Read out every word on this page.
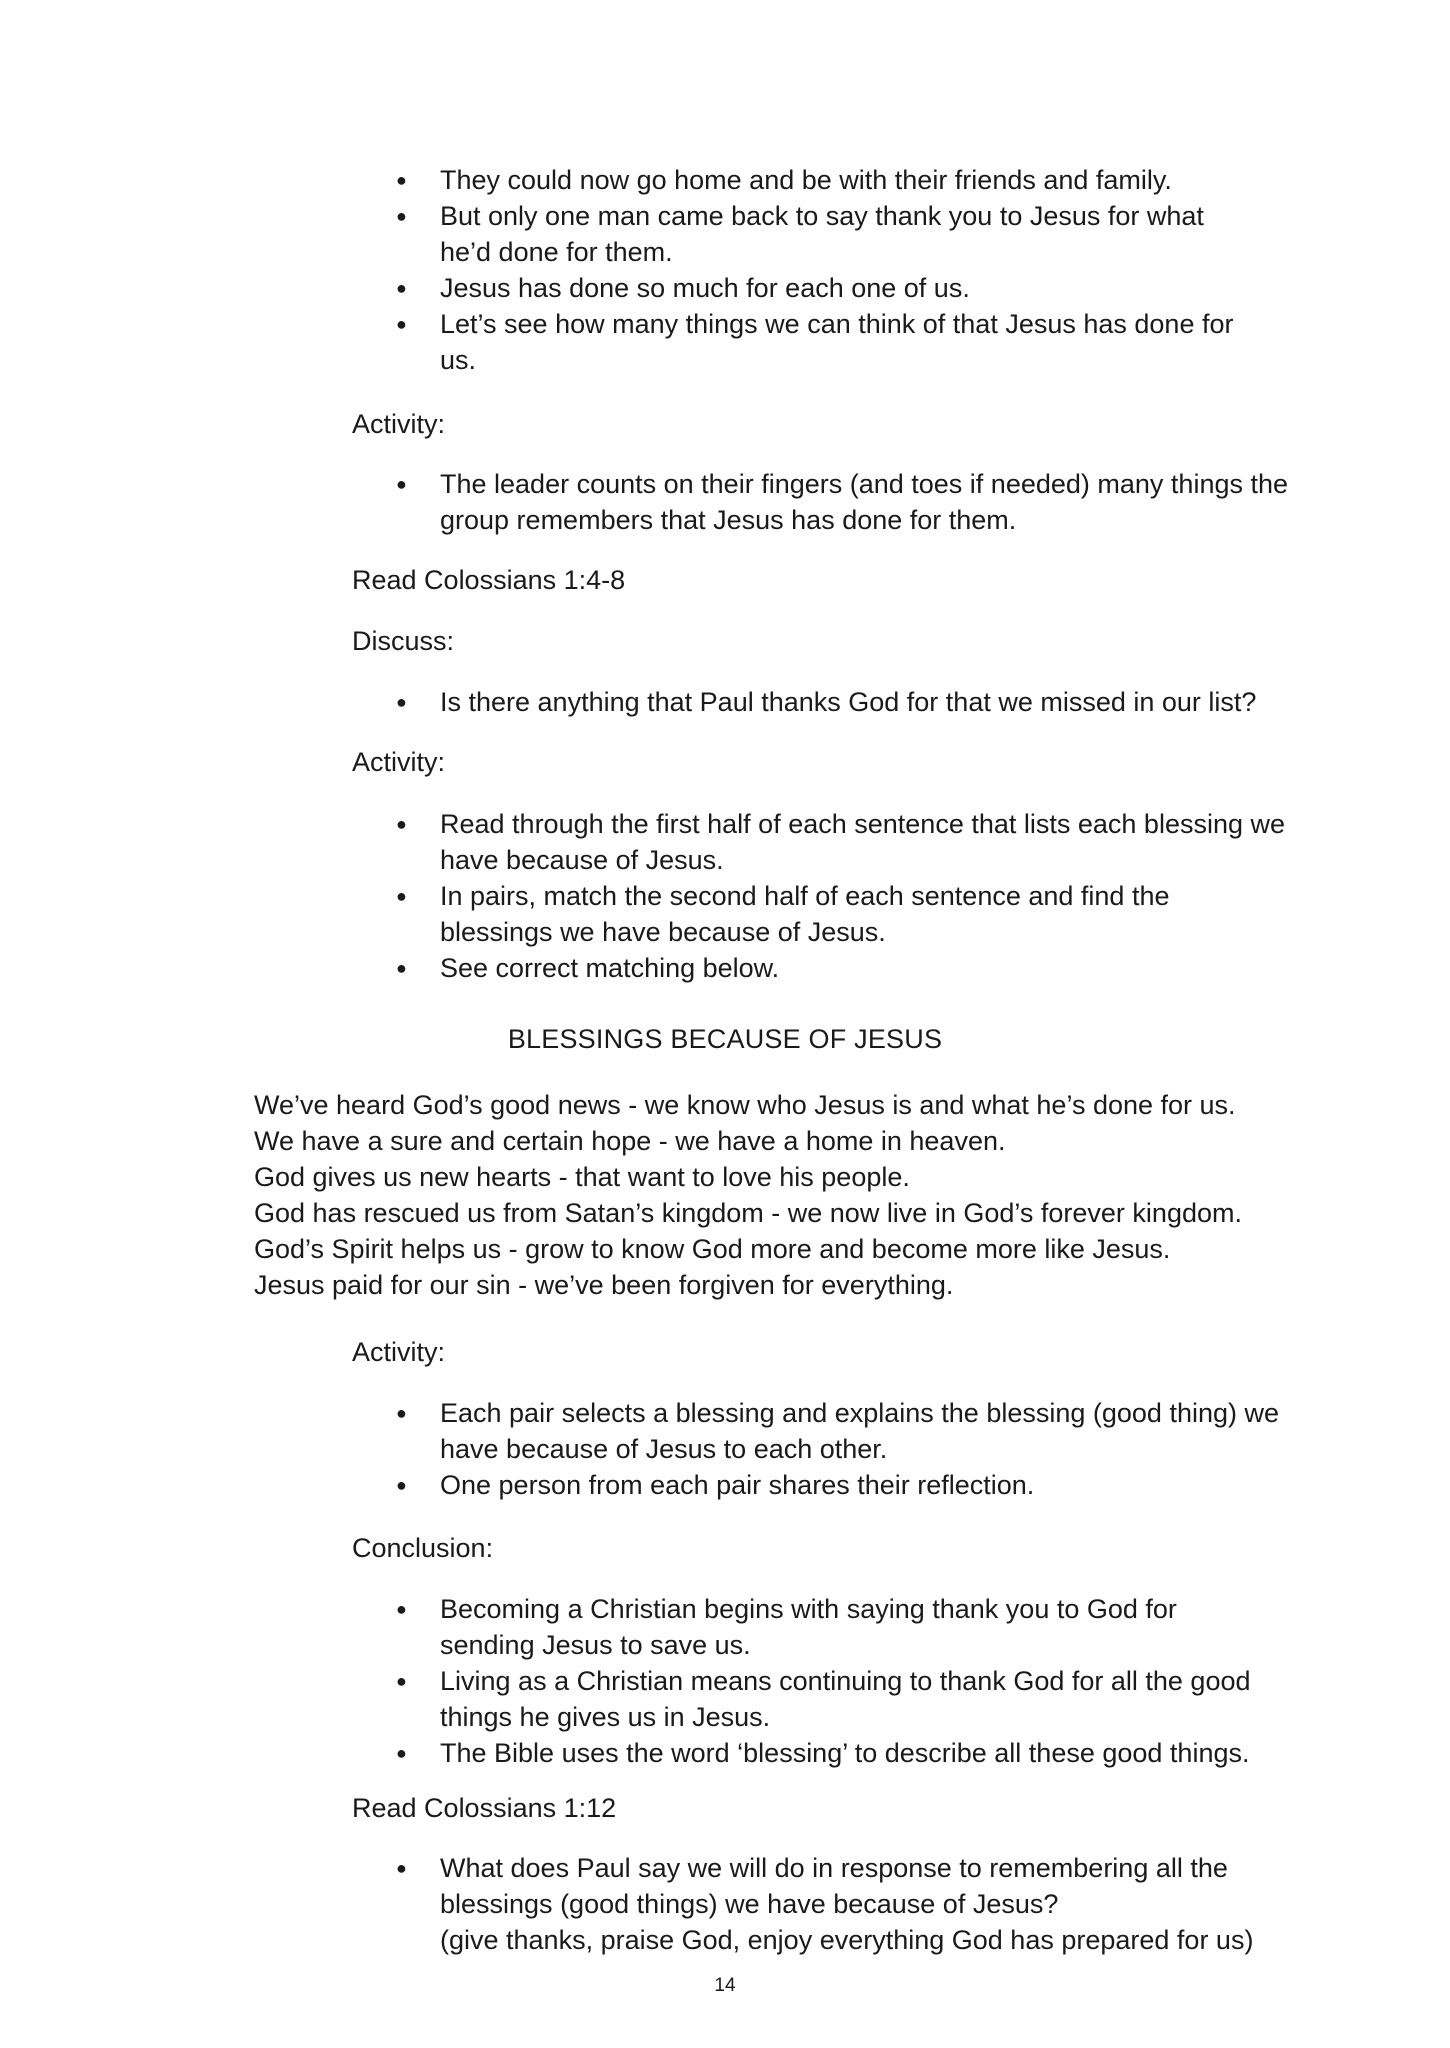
● They could now go home and be with their friends and family.
● But only one man came back to say thank you to Jesus for what he’d done for them.
● Jesus has done so much for each one of us.
● Let’s see how many things we can think of that Jesus has done for us.
Activity:
● The leader counts on their fingers (and toes if needed) many things the group remembers that Jesus has done for them.
Read Colossians 1:4-8
Discuss:
● Is there anything that Paul thanks God for that we missed in our list?
Activity:
● Read through the first half of each sentence that lists each blessing we have because of Jesus.
● In pairs, match the second half of each sentence and find the blessings we have because of Jesus.
● See correct matching below.
BLESSINGS BECAUSE OF JESUS
We’ve heard God’s good news - we know who Jesus is and what he’s done for us.
We have a sure and certain hope - we have a home in heaven.
God gives us new hearts - that want to love his people.
God has rescued us from Satan’s kingdom - we now live in God’s forever kingdom.
God’s Spirit helps us - grow to know God more and become more like Jesus.
Jesus paid for our sin - we’ve been forgiven for everything.
Activity:
● Each pair selects a blessing and explains the blessing (good thing) we have because of Jesus to each other.
● One person from each pair shares their reflection.
Conclusion:
● Becoming a Christian begins with saying thank you to God for sending Jesus to save us.
● Living as a Christian means continuing to thank God for all the good things he gives us in Jesus.
● The Bible uses the word ‘blessing’ to describe all these good things.
Read Colossians 1:12
● What does Paul say we will do in response to remembering all the blessings (good things) we have because of Jesus?
(give thanks, praise God, enjoy everything God has prepared for us)
14
